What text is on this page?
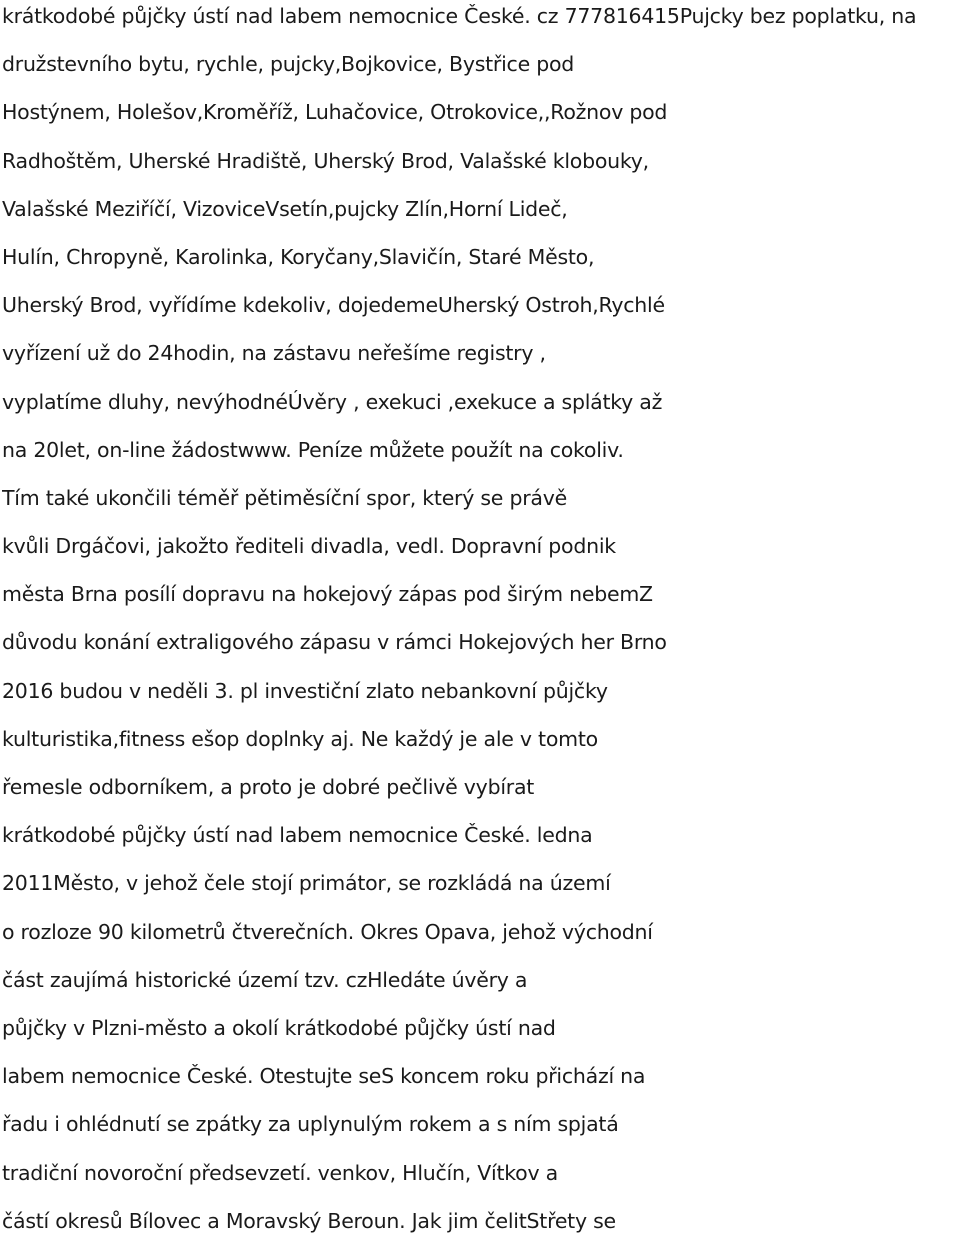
krátkodobé půjčky ústí nad labem nemocnice České. cz 777816415Pujcky bez poplatku, na
družstevního bytu, rychle, pujcky,Bojkovice, Bystřice pod
Hostýnem, Holešov,Kroměříž, Luhačovice, Otrokovice,,Rožnov pod
Radhoštěm, Uherské Hradiště, Uherský Brod, Valašské klobouky,
Valašské Meziříčí, VizoviceVsetín,pujcky Zlín,Horní Lideč,
Hulín, Chropyně, Karolinka, Koryčany,Slavičín, Staré Město,
Uherský Brod, vyřídíme kdekoliv, dojedemeUherský Ostroh,Rychlé
vyřízení už do 24hodin, na zástavu neřešíme registry ,
vyplatíme dluhy, nevýhodnéÚvěry , exekuci ,exekuce a splátky až
na 20let, on-line žádostwww. Peníze můžete použít na cokoliv.
Tím také ukončili téměř pětiměsíční spor, který se právě
kvůli Drgáčovi, jakožto řediteli divadla, vedl. Dopravní podnik
města Brna posílí dopravu na hokejový zápas pod širým nebemZ
důvodu konání extraligového zápasu v rámci Hokejových her Brno
2016 budou v neděli 3. pl investiční zlato nebankovní půjčky
kulturistika,fitness ešop doplnky aj. Ne každý je ale v tomto
řemesle odborníkem, a proto je dobré pečlivě vybírat
krátkodobé půjčky ústí nad labem nemocnice České. ledna
2011Město, v jehož čele stojí primátor, se rozkládá na území
o rozloze 90 kilometrů čtverečních. Okres Opava, jehož východní
část zaujímá historické území tzv. czHledáte úvěry a
půjčky v Plzni-město a okolí krátkodobé půjčky ústí nad
labem nemocnice České. Otestujte seS koncem roku přichází na
řadu i ohlédnutí se zpátky za uplynulým rokem a s ním spjatá
tradiční novoroční předsevzetí. venkov, Hlučín, Vítkov a
částí okresů Bílovec a Moravský Beroun. Jak jim čelitStřety se
